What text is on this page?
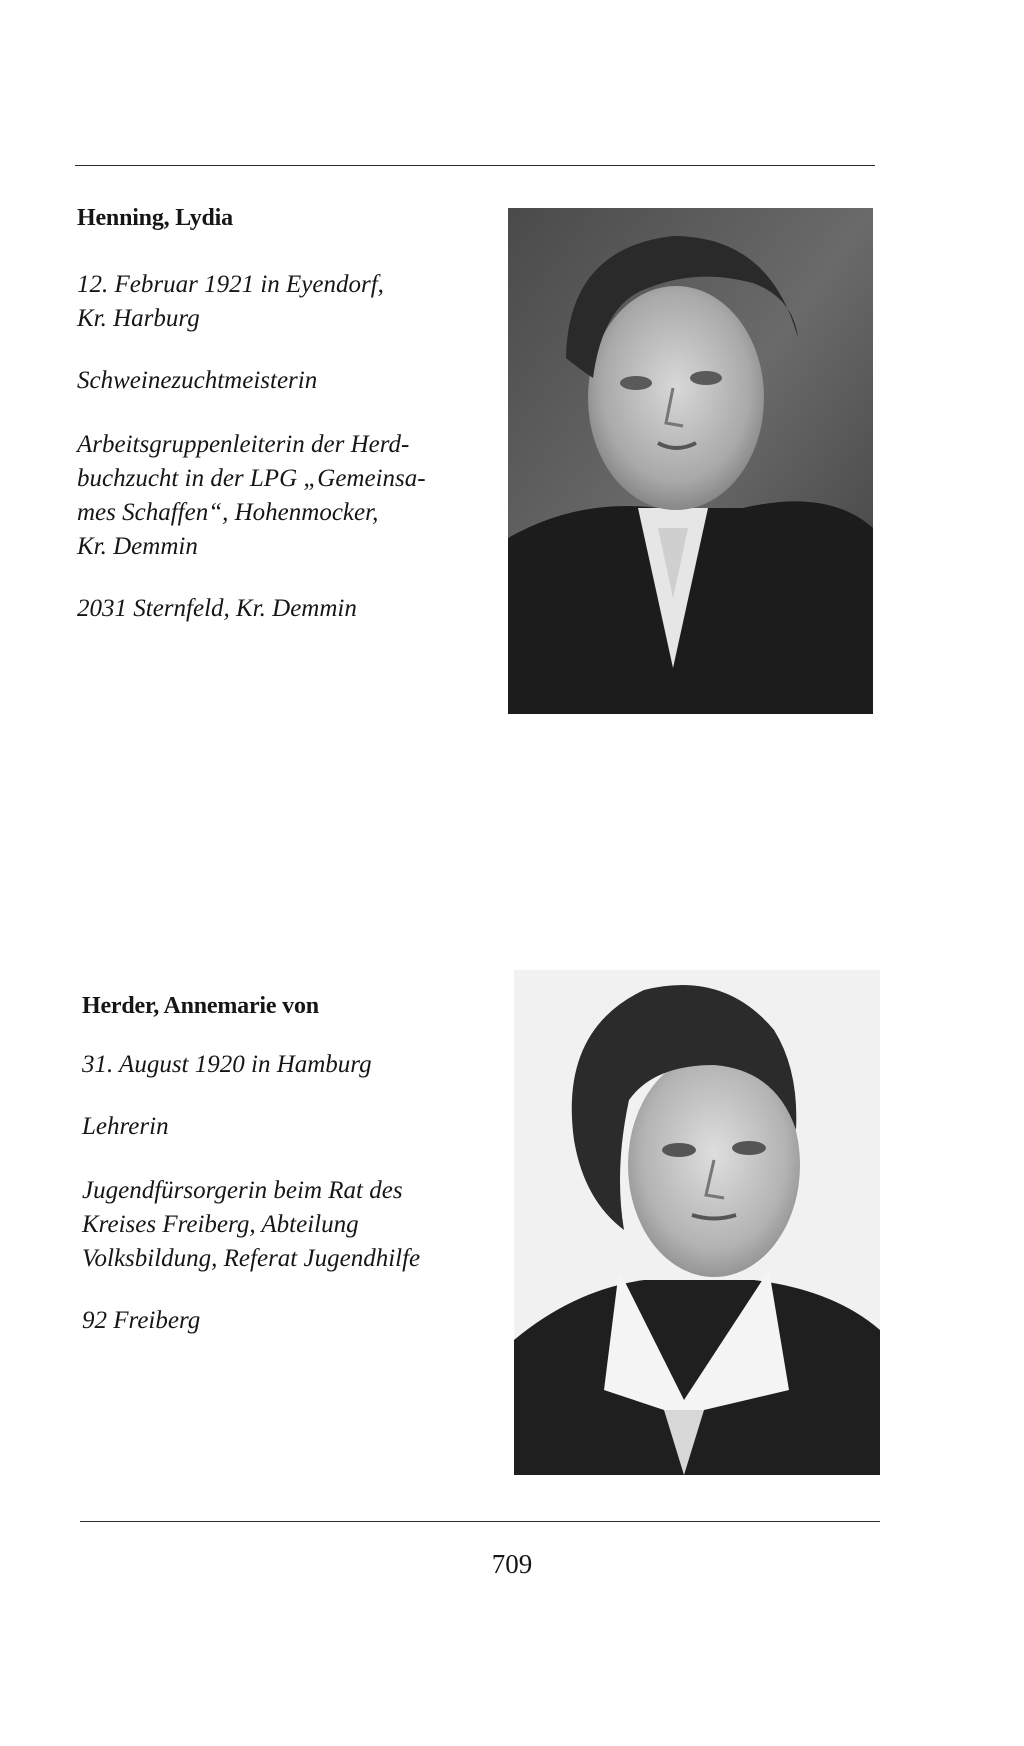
Henning, Lydia

12. Februar 1921 in Eyendorf,

Kr. Harburg

Schweinezuchtmeisterin

Arbeitsgruppenleiterin der Herd-

buchzucht in der LPG „Gemeinsa-

mes Schaffen“, Hohenmocker,

Kr. Demmin

2031 Sternfeld, Kr. Demmin

Herder, Annemarie von

31. August 1920 in Hamburg

Lehrerin

Jugendfürsorgerin beim Rat des

Kreises Freiberg, Abteilung

Volksbildung, Referat Jugendhilfe

92 Freiberg

709
